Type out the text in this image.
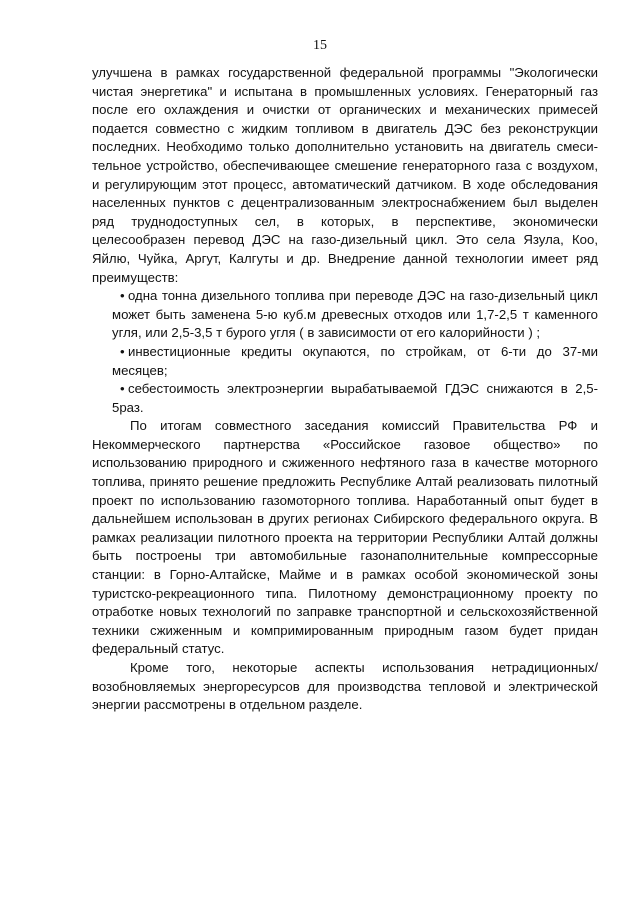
15

улучшена в рамках государственной федеральной программы "Экологически чистая энергетика" и испытана в промышленных условиях. Генераторный газ после его охлаждения и очистки от органических и механических примесей подается совместно с жидким топливом в двигатель ДЭС без реконструкции последних. Необходимо только дополнительно установить на двигатель смеси-тельное устройство, обеспечивающее смешение генераторного газа с воздухом, и регулирующим этот процесс, автоматический датчиком. В ходе обследования населенных пунктов с децентрализованным электроснабжением был выделен ряд труднодоступных сел, в которых, в перспективе, экономически целесообразен перевод ДЭС на газо-дизельный цикл. Это села Язула, Коо, Яйлю, Чуйка, Аргут, Калгуты и др. Внедрение данной технологии имеет ряд преимуществ:

• одна тонна дизельного топлива при переводе ДЭС на газо-дизельный цикл может быть заменена 5-ю куб.м древесных отходов или 1,7-2,5 т каменного угля, или 2,5-3,5 т бурого угля ( в зависимости от его калорийности ) ;
• инвестиционные кредиты окупаются, по стройкам, от 6-ти до 37-ми месяцев;
• себестоимость электроэнергии вырабатываемой ГДЭС снижаются в 2,5-5раз.

По итогам совместного заседания комиссий Правительства РФ и Некоммерческого партнерства «Российское газовое общество» по использованию природного и сжиженного нефтяного газа в качестве моторного топлива, принято решение предложить Республике Алтай реализовать пилотный проект по использованию газомоторного топлива. Наработанный опыт будет в дальнейшем использован в других регионах Сибирского федерального округа. В рамках реализации пилотного проекта на территории Республики Алтай должны быть построены три автомобильные газонаполнительные компрессорные станции: в Горно-Алтайске, Майме и в рамках особой экономической зоны туристско-рекреационного типа. Пилотному демонстрационному проекту по отработке новых технологий по заправке транспортной и сельскохозяйственной техники сжиженным и компримированным природным газом будет придан федеральный статус.

Кроме того, некоторые аспекты использования нетрадиционных/ возобновляемых энергоресурсов для производства тепловой и электрической энергии рассмотрены в отдельном разделе.
